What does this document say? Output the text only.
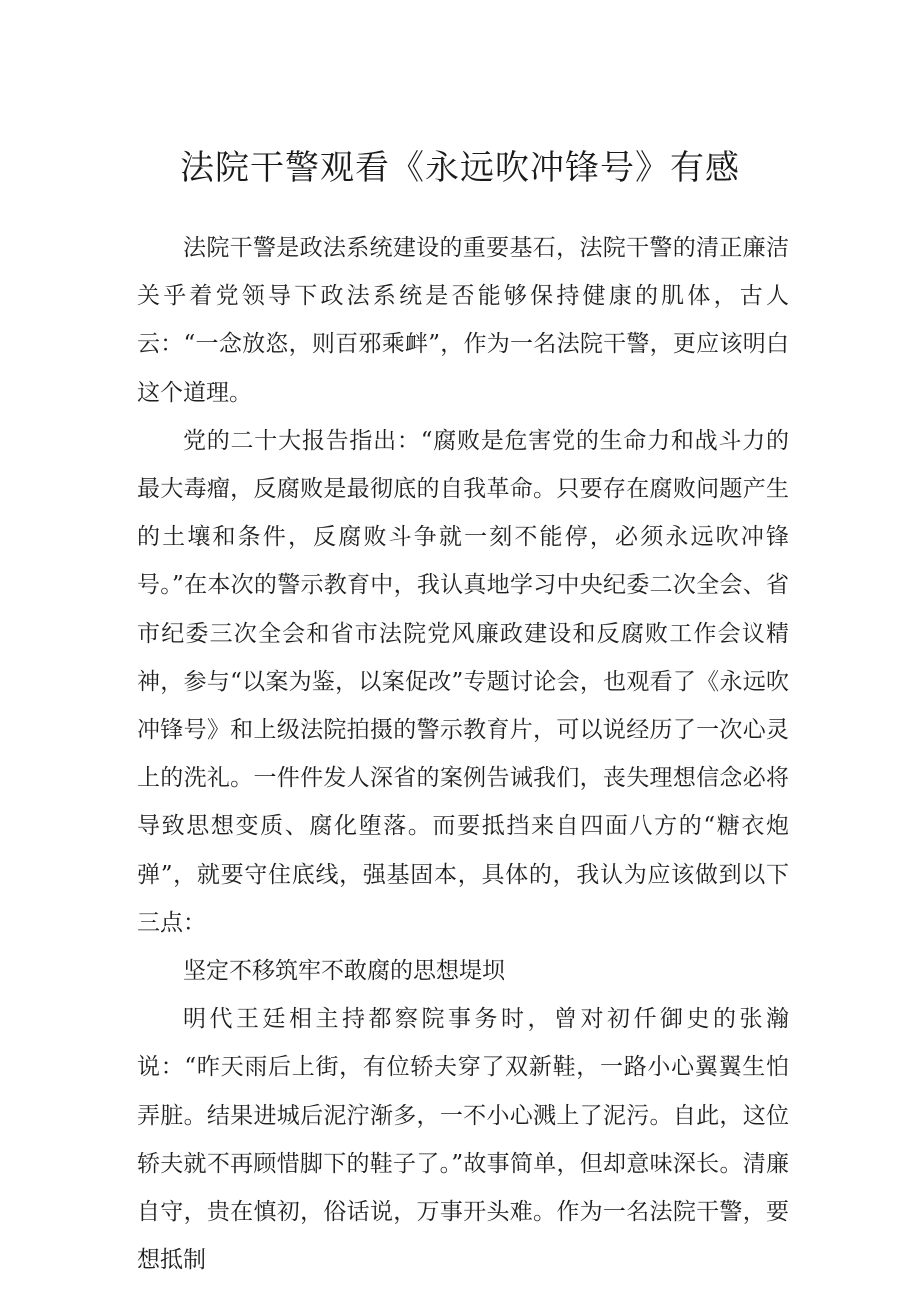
法院干警观看《永远吹冲锋号》有感

法院干警是政法系统建设的重要基石，法院干警的清正廉洁关乎着党领导下政法系统是否能够保持健康的肌体，古人云：“一念放恣，则百邪乘衅”，作为一名法院干警，更应该明白这个道理。

党的二十大报告指出：“腐败是危害党的生命力和战斗力的最大毒瘤，反腐败是最彻底的自我革命。只要存在腐败问题产生的土壤和条件，反腐败斗争就一刻不能停，必须永远吹冲锋号。”在本次的警示教育中，我认真地学习中央纪委二次全会、省市纪委三次全会和省市法院党风廉政建设和反腐败工作会议精神，参与“以案为鉴，以案促改”专题讨论会，也观看了《永远吹冲锋号》和上级法院拍摄的警示教育片，可以说经历了一次心灵上的洗礼。一件件发人深省的案例告诫我们，丧失理想信念必将导致思想变质、腐化堕落。而要抵挡来自四面八方的“糖衣炮弹”，就要守住底线，强基固本，具体的，我认为应该做到以下三点：

坚定不移筑牢不敢腐的思想堤坝

明代王廷相主持都察院事务时，曾对初仟御史的张瀚说：“昨天雨后上街，有位轿夫穿了双新鞋，一路小心翼翼生怕弄脏。结果进城后泥泞渐多，一不小心溅上了泥污。自此，这位轿夫就不再顾惜脚下的鞋子了。”故事简单，但却意味深长。清廉自守，贵在慎初，俗话说，万事开头难。作为一名法院干警，要想抵制
